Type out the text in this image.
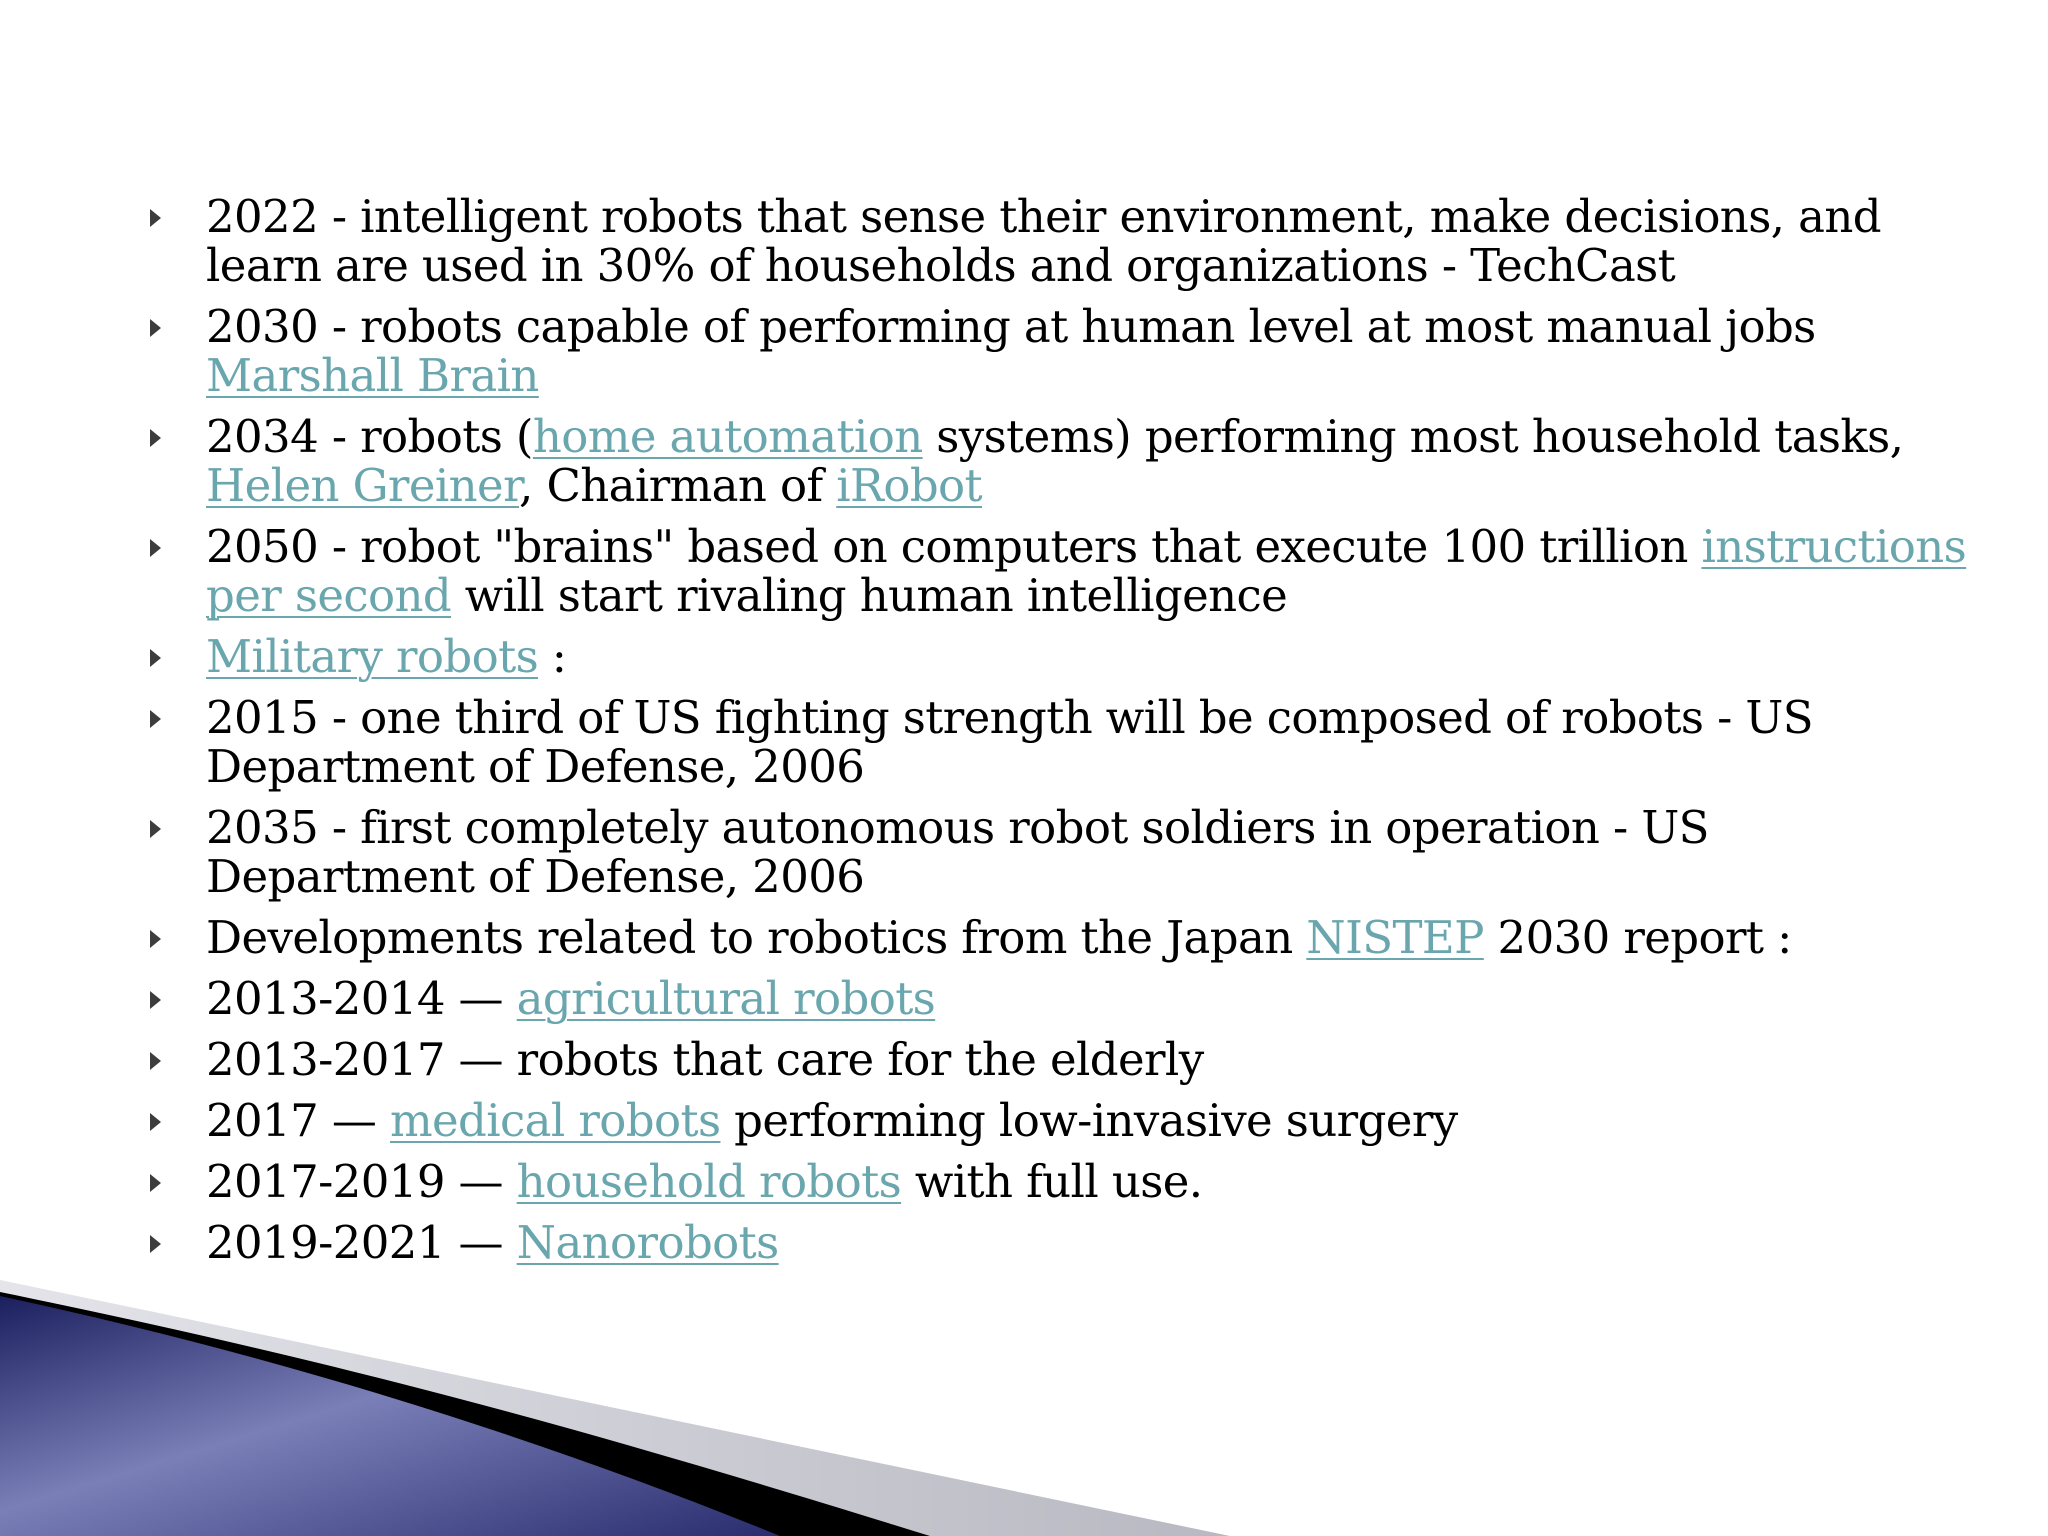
2022 - intelligent robots that sense their environment, make decisions, and learn are used in 30% of households and organizations - TechCast
2030 - robots capable of performing at human level at most manual jobs Marshall Brain
2034 - robots (home automation systems) performing most household tasks, Helen Greiner, Chairman of iRobot
2050 - robot "brains" based on computers that execute 100 trillion instructions per second will start rivaling human intelligence
Military robots :
2015 - one third of US fighting strength will be composed of robots - US Department of Defense, 2006
2035 - first completely autonomous robot soldiers in operation - US Department of Defense, 2006
Developments related to robotics from the Japan NISTEP 2030 report :
2013-2014 — agricultural robots
2013-2017 — robots that care for the elderly
2017 — medical robots performing low-invasive surgery
2017-2019 — household robots with full use.
2019-2021 — Nanorobots
